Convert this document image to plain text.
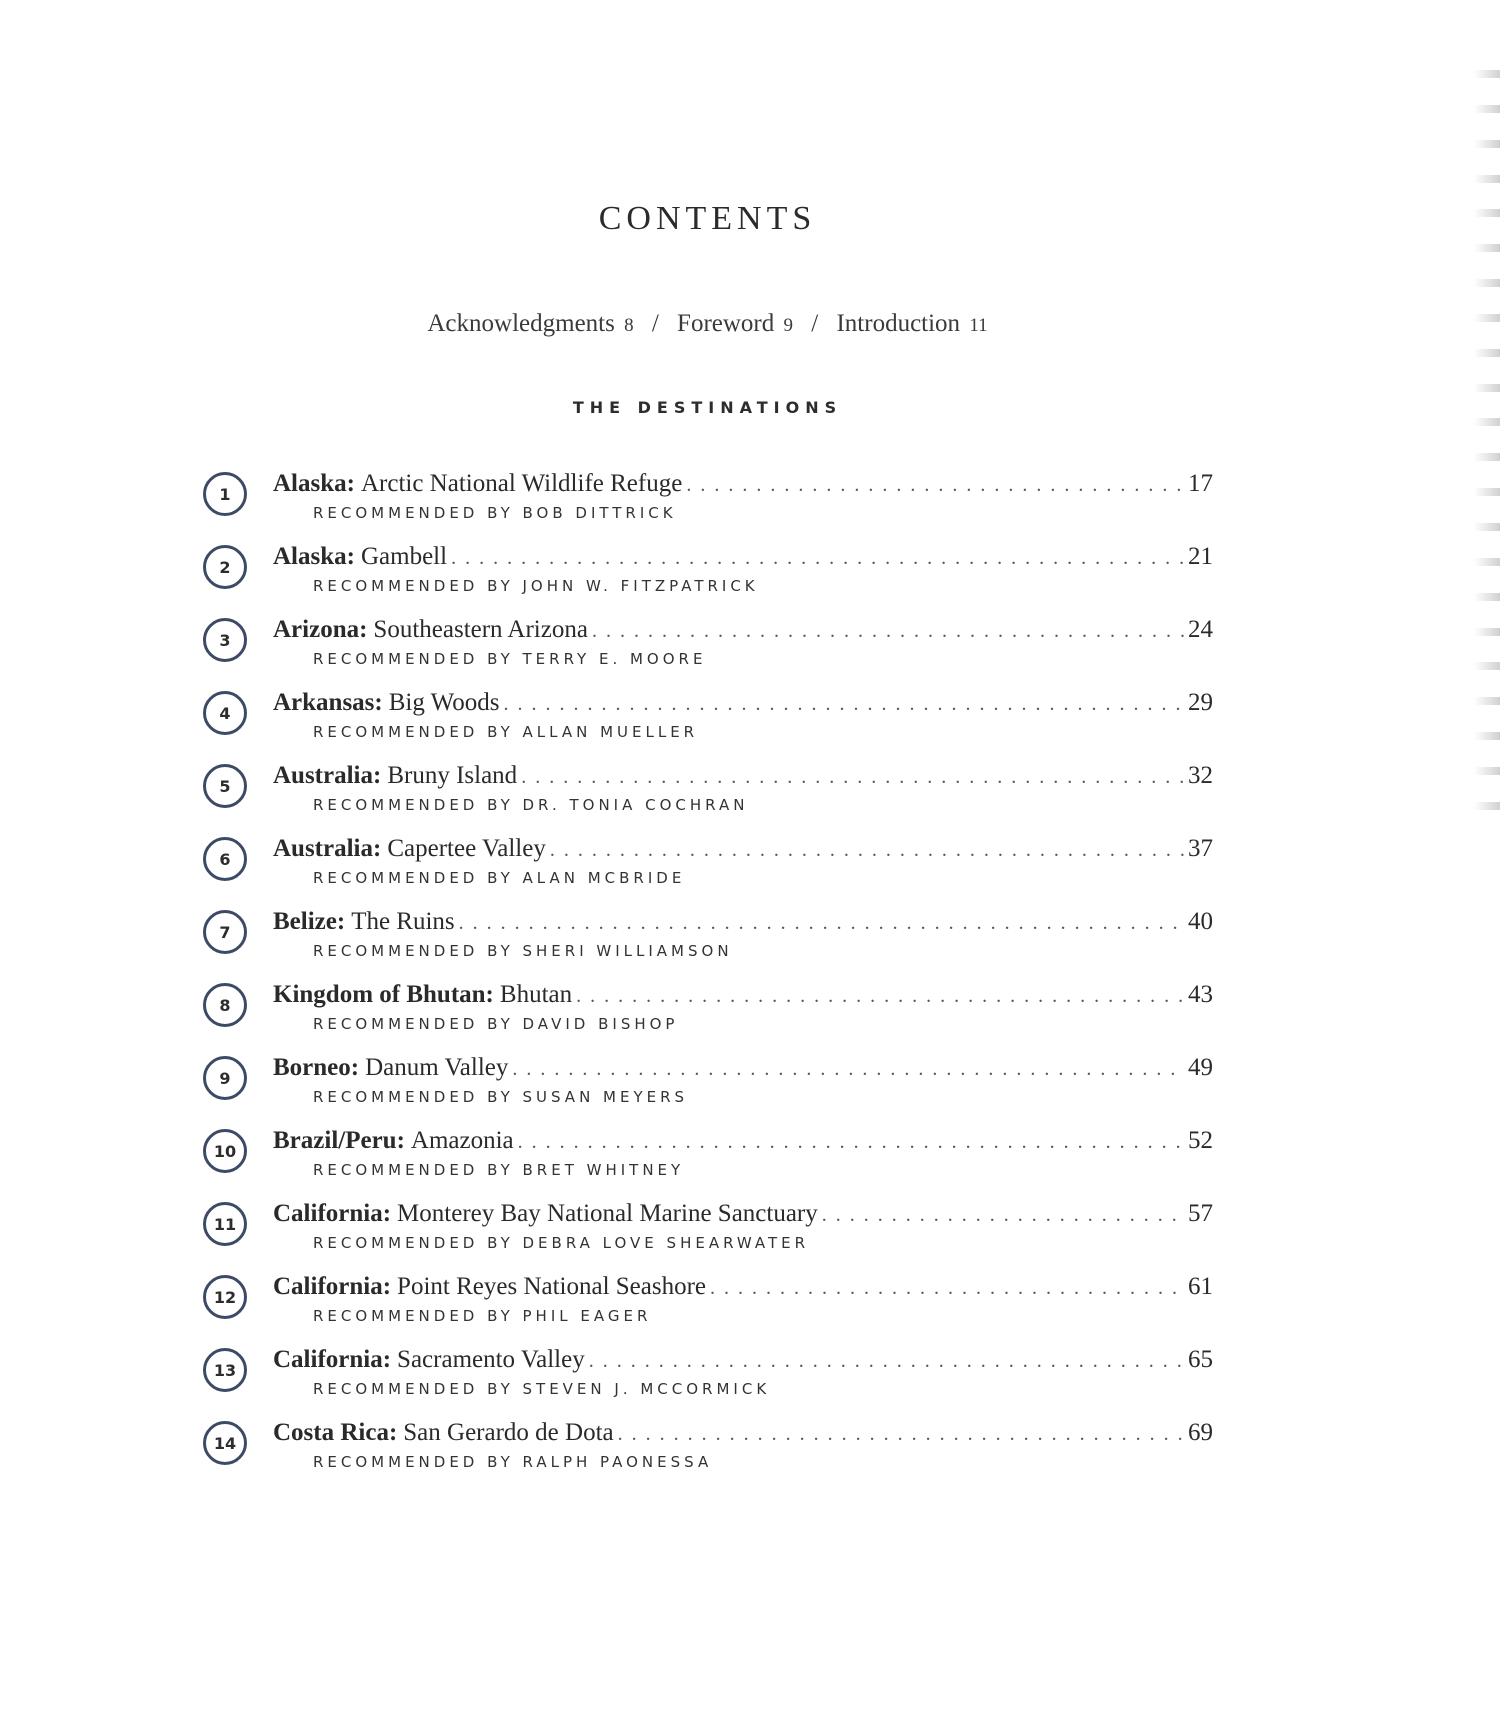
CONTENTS
Acknowledgments 8 / Foreword 9 / Introduction 11
THE DESTINATIONS
1	Alaska: Arctic National Wildlife Refuge . . .	17
RECOMMENDED BY BOB DITTRICK
2	Alaska: Gambell . . .	21
RECOMMENDED BY JOHN W. FITZPATRICK
3	Arizona: Southeastern Arizona . . .	24
RECOMMENDED BY TERRY E. MOORE
4	Arkansas: Big Woods . . .	29
RECOMMENDED BY ALLAN MUELLER
5	Australia: Bruny Island . . .	32
RECOMMENDED BY DR. TONIA COCHRAN
6	Australia: Capertee Valley . . .	37
RECOMMENDED BY ALAN MCBRIDE
7	Belize: The Ruins . . .	40
RECOMMENDED BY SHERI WILLIAMSON
8	Kingdom of Bhutan: Bhutan . . .	43
RECOMMENDED BY DAVID BISHOP
9	Borneo: Danum Valley . . .	49
RECOMMENDED BY SUSAN MEYERS
10	Brazil/Peru: Amazonia . . .	52
RECOMMENDED BY BRET WHITNEY
11	California: Monterey Bay National Marine Sanctuary . . .	57
RECOMMENDED BY DEBRA LOVE SHEARWATER
12	California: Point Reyes National Seashore . . .	61
RECOMMENDED BY PHIL EAGER
13	California: Sacramento Valley . . .	65
RECOMMENDED BY STEVEN J. MCCORMICK
14	Costa Rica: San Gerardo de Dota . . .	69
RECOMMENDED BY RALPH PAONESSA
